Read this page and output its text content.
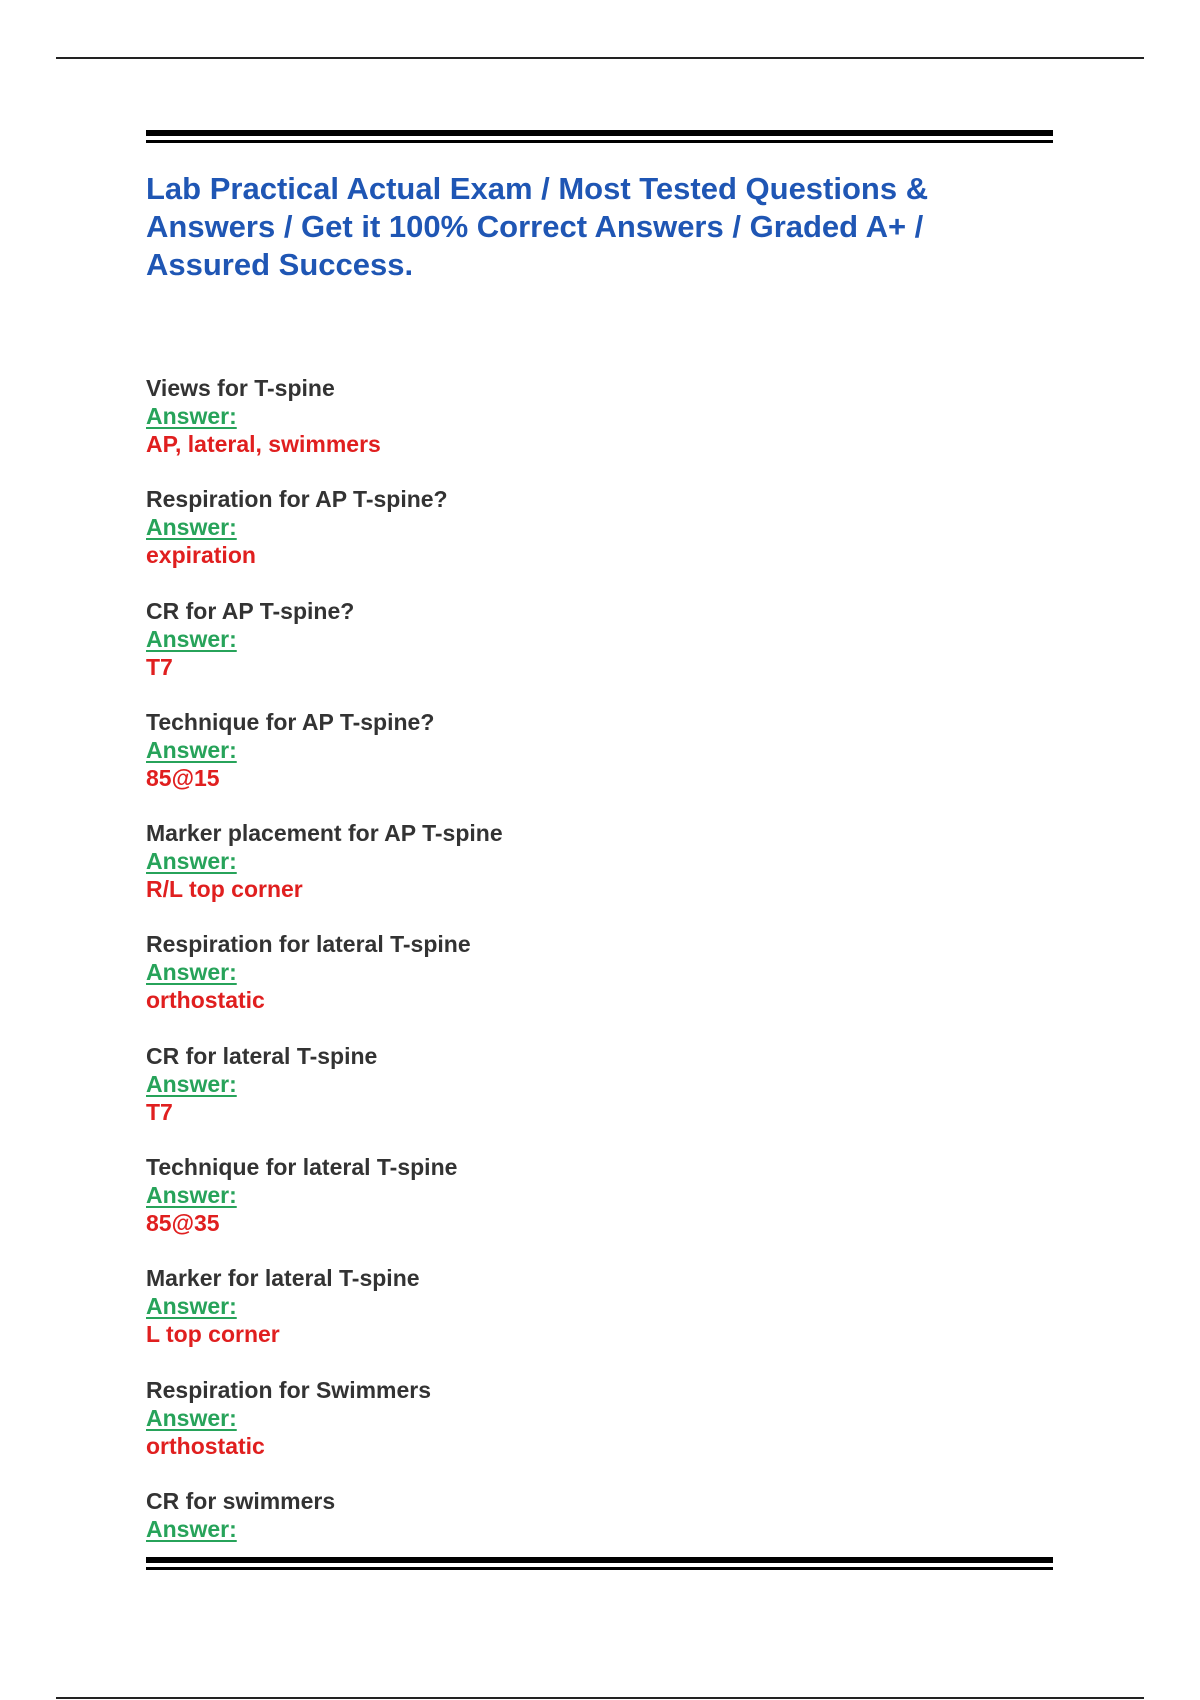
Lab Practical Actual Exam / Most Tested Questions & Answers / Get it 100% Correct Answers / Graded A+ / Assured Success.
Views for T-spine
Answer:
AP, lateral, swimmers
Respiration for AP T-spine?
Answer:
expiration
CR for AP T-spine?
Answer:
T7
Technique for AP T-spine?
Answer:
85@15
Marker placement for AP T-spine
Answer:
R/L top corner
Respiration for lateral T-spine
Answer:
orthostatic
CR for lateral T-spine
Answer:
T7
Technique for lateral T-spine
Answer:
85@35
Marker for lateral T-spine
Answer:
L top corner
Respiration for Swimmers
Answer:
orthostatic
CR for swimmers
Answer:
